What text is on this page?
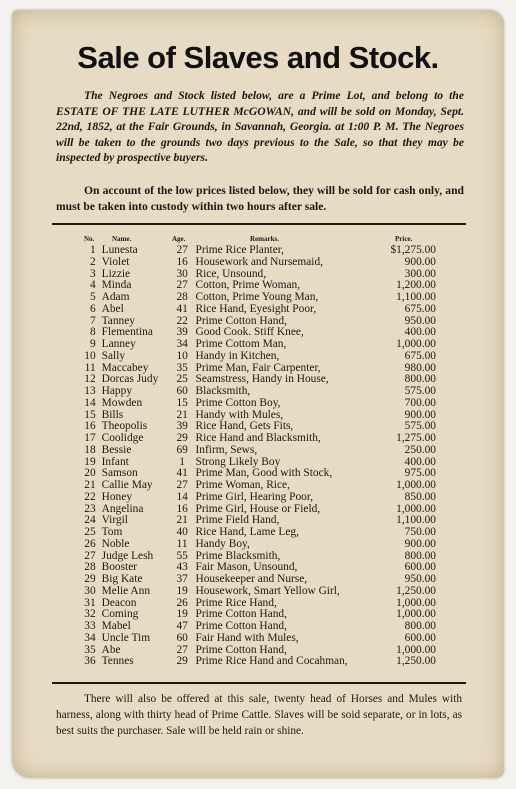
Sale of Slaves and Stock.
The Negroes and Stock listed below, are a Prime Lot, and belong to the ESTATE OF THE LATE LUTHER McGOWAN, and will be sold on Monday, Sept. 22nd, 1852, at the Fair Grounds, in Savannah, Georgia. at 1:00 P. M. The Negroes will be taken to the grounds two days previous to the Sale, so that they may be inspected by prospective buyers.
On account of the low prices listed below, they will be sold for cash only, and must be taken into custody within two hours after sale.
No.	Name.	Age.	Remarks.	Price.
1	Lunesta	27	Prime Rice Planter,	$1,275.00
2	Violet	16	Housework and Nursemaid,	900.00
3	Lizzie	30	Rice, Unsound,	300.00
4	Minda	27	Cotton, Prime Woman,	1,200.00
5	Adam	28	Cotton, Prime Young Man,	1,100.00
6	Abel	41	Rice Hand, Eyesight Poor,	675.00
7	Tanney	22	Prime Cotton Hand,	950.00
8	Flementina	39	Good Cook. Stiff Knee,	400.00
9	Lanney	34	Prime Cottom Man,	1,000.00
10	Sally	10	Handy in Kitchen,	675.00
11	Maccabey	35	Prime Man, Fair Carpenter,	980.00
12	Dorcas Judy	25	Seamstress, Handy in House,	800.00
13	Happy	60	Blacksmith,	575.00
14	Mowden	15	Prime Cotton Boy,	700.00
15	Bills	21	Handy with Mules,	900.00
16	Theopolis	39	Rice Hand, Gets Fits,	575.00
17	Coolidge	29	Rice Hand and Blacksmith,	1,275.00
18	Bessie	69	Infirm, Sews,	250.00
19	Infant	1	Strong Likely Boy	400.00
20	Samson	41	Prime Man, Good with Stock,	975.00
21	Callie May	27	Prime Woman, Rice,	1,000.00
22	Honey	14	Prime Girl, Hearing Poor,	850.00
23	Angelina	16	Prime Girl, House or Field,	1,000.00
24	Virgil	21	Prime Field Hand,	1,100.00
25	Tom	40	Rice Hand, Lame Leg,	750.00
26	Noble	11	Handy Boy,	900.00
27	Judge Lesh	55	Prime Blacksmith,	800.00
28	Booster	43	Fair Mason, Unsound,	600.00
29	Big Kate	37	Housekeeper and Nurse,	950.00
30	Melie Ann	19	Housework, Smart Yellow Girl,	1,250.00
31	Deacon	26	Prime Rice Hand,	1,000.00
32	Coming	19	Prime Cotton Hand,	1,000.00
33	Mabel	47	Prime Cotton Hand,	800.00
34	Uncle Tim	60	Fair Hand with Mules,	600.00
35	Abe	27	Prime Cotton Hand,	1,000.00
36	Tennes	29	Prime Rice Hand and Cocahman,	1,250.00
There will also be offered at this sale, twenty head of Horses and Mules with harness, along with thirty head of Prime Cattle. Slaves will be soid separate, or in lots, as best suits the purchaser. Sale will be held rain or shine.
